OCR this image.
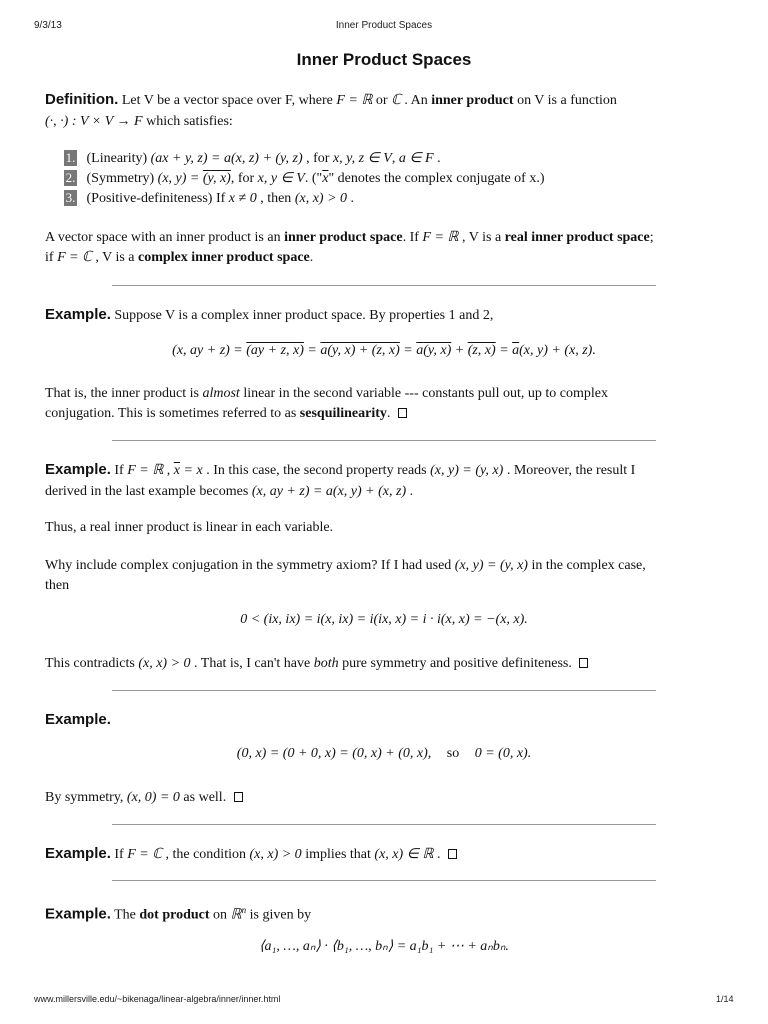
9/3/13	Inner Product Spaces
Inner Product Spaces
Definition. Let V be a vector space over F, where F = ℝ or ℂ . An inner product on V is a function
(·, ·) : V × V → F which satisfies:
1. (Linearity) (ax + y, z) = a(x, z) + (y, z) , for x, y, z ∈ V, a ∈ F .
2. (Symmetry) (x, y) = (y, x), for x, y ∈ V. ("$\overline{x}$" denotes the complex conjugate of x.)
3. (Positive-definiteness) If x ≠ 0 , then (x, x) > 0 .
A vector space with an inner product is an inner product space. If F = ℝ , V is a real inner product space;
if F = ℂ , V is a complex inner product space.
Example. Suppose V is a complex inner product space. By properties 1 and 2,
(x, ay + z) = (ay + z, x) = a(y, x) + (z, $x) = \overline{a}(y$, x) + (z, $x) = \overline{a}(x$, y) + (x, z).
That is, the inner product is almost linear in the second variable --- constants pull out, up to complex
conjugation. This is sometimes referred to as sesquilinearity.
Example. If F = ℝ , $\overline{x} = x$ . In this case, the second property reads (x, y) = (y, x) . Moreover, the result I
derived in the last example becomes (x, ay + z) = a(x, y) + (x, z) .
Thus, a real inner product is linear in each variable.
Why include complex conjugation in the symmetry axiom? If I had used (x, y) = (y, x) in the complex case,
then
0 < (ix, ix) = i(x, ix) = i(ix, x) = i · i(x, x) = −(x, x).
This contradicts (x, x) > 0 . That is, I can't have both pure symmetry and positive definiteness.
Example.
(0, x) = (0 + 0, x) = (0, x) + (0, x), so 0 = (0, x).
By symmetry, (x, 0) = 0 as well.
Example. If F = ℂ , the condition (x, x) > 0 implies that (x, x) ∈ ℝ .
Example. The dot product on ℝ$^n$ is given by
⟨a₁, …, aₙ⟩ · ⟨b₁, …, bₙ⟩ = a₁b₁ + ⋯ + aₙbₙ.
www.millersville.edu/~bikenaga/linear-algebra/inner/inner.html	1/14
